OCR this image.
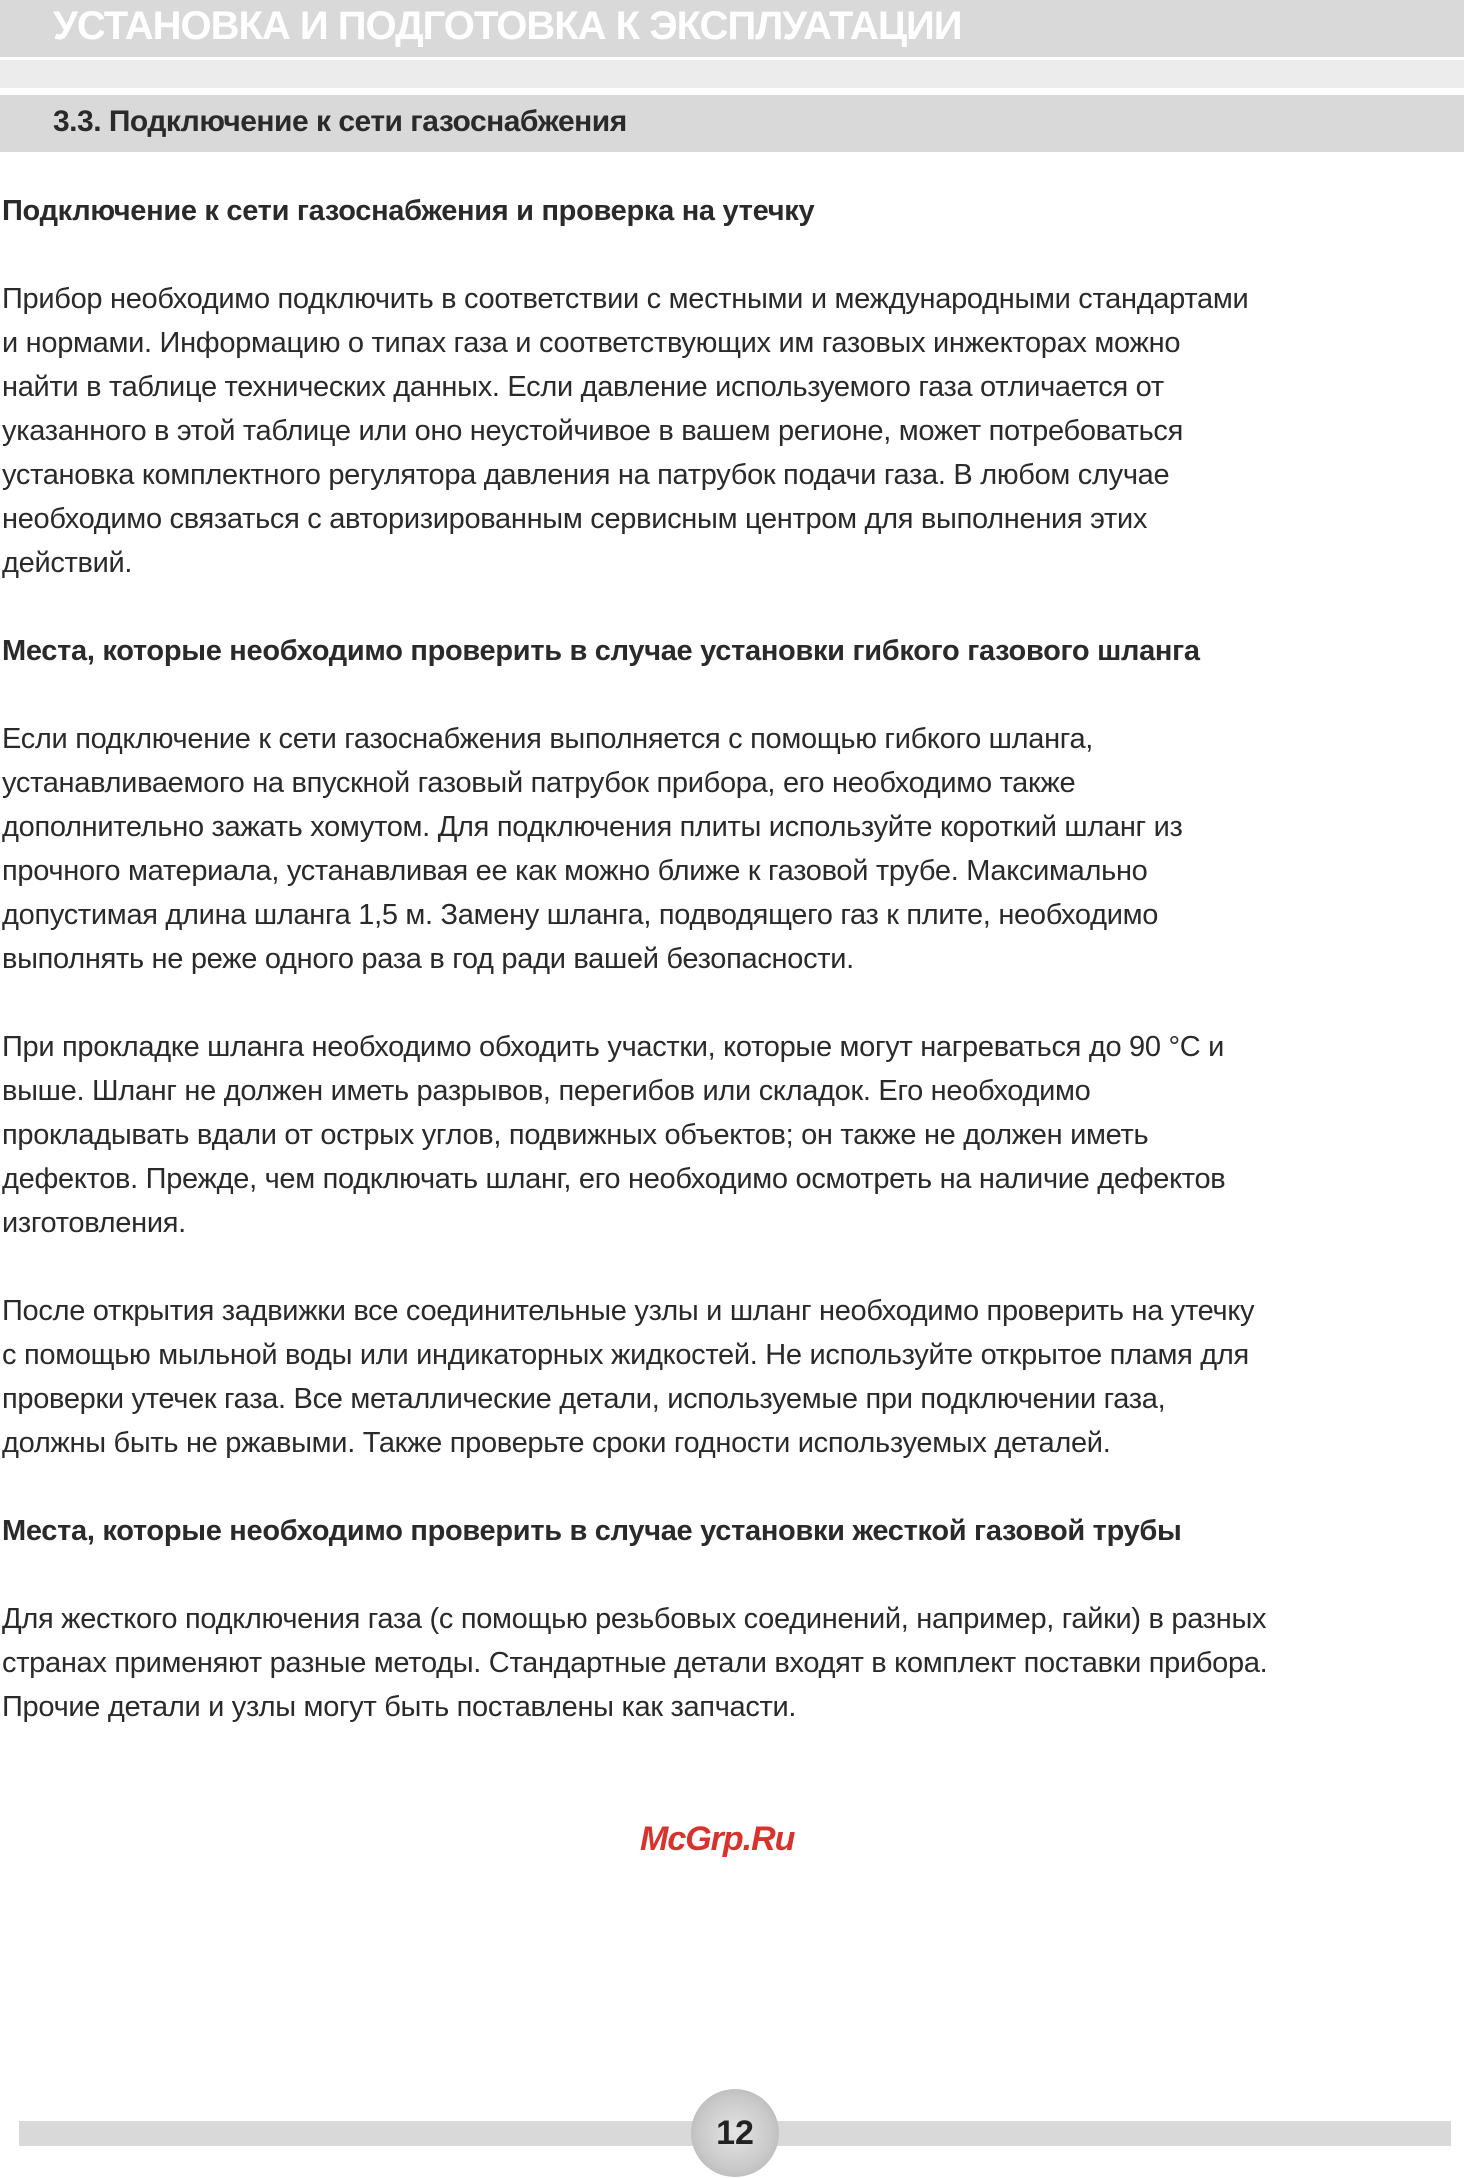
УСТАНОВКА И ПОДГОТОВКА К ЭКСПЛУАТАЦИИ
3.3. Подключение к сети газоснабжения
Подключение к сети газоснабжения и проверка на утечку
Прибор необходимо подключить в соответствии с местными и международными стандартами
и нормами. Информацию о типах газа и соответствующих им газовых инжекторах можно
найти в таблице технических данных. Если давление используемого газа отличается от
указанного в этой таблице или оно неустойчивое в вашем регионе, может потребоваться
установка комплектного регулятора давления на патрубок подачи газа. В любом случае
необходимо связаться с авторизированным сервисным центром для выполнения этих
действий.
Места, которые необходимо проверить в случае установки гибкого газового шланга
Если подключение к сети газоснабжения выполняется с помощью гибкого шланга,
устанавливаемого на впускной газовый патрубок прибора, его необходимо также
дополнительно зажать хомутом. Для подключения плиты используйте короткий шланг из
прочного материала, устанавливая ее как можно ближе к газовой трубе. Максимально
допустимая длина шланга 1,5 м. Замену шланга, подводящего газ к плите, необходимо
выполнять не реже одного раза в год ради вашей безопасности.
При прокладке шланга необходимо обходить участки, которые могут нагреваться до 90 °C и
выше. Шланг не должен иметь разрывов, перегибов или складок. Его необходимо
прокладывать вдали от острых углов, подвижных объектов; он также не должен иметь
дефектов. Прежде, чем подключать шланг, его необходимо осмотреть на наличие дефектов
изготовления.
После открытия задвижки все соединительные узлы и шланг необходимо проверить на утечку
с помощью мыльной воды или индикаторных жидкостей. Не используйте открытое пламя для
проверки утечек газа. Все металлические детали, используемые при подключении газа,
должны быть не ржавыми. Также проверьте сроки годности используемых деталей.
Места, которые необходимо проверить в случае установки жесткой газовой трубы
Для жесткого подключения газа (с помощью резьбовых соединений, например, гайки) в разных
странах применяют разные методы. Стандартные детали входят в комплект поставки прибора.
Прочие детали и узлы могут быть поставлены как запчасти.
McGrp.Ru
12
